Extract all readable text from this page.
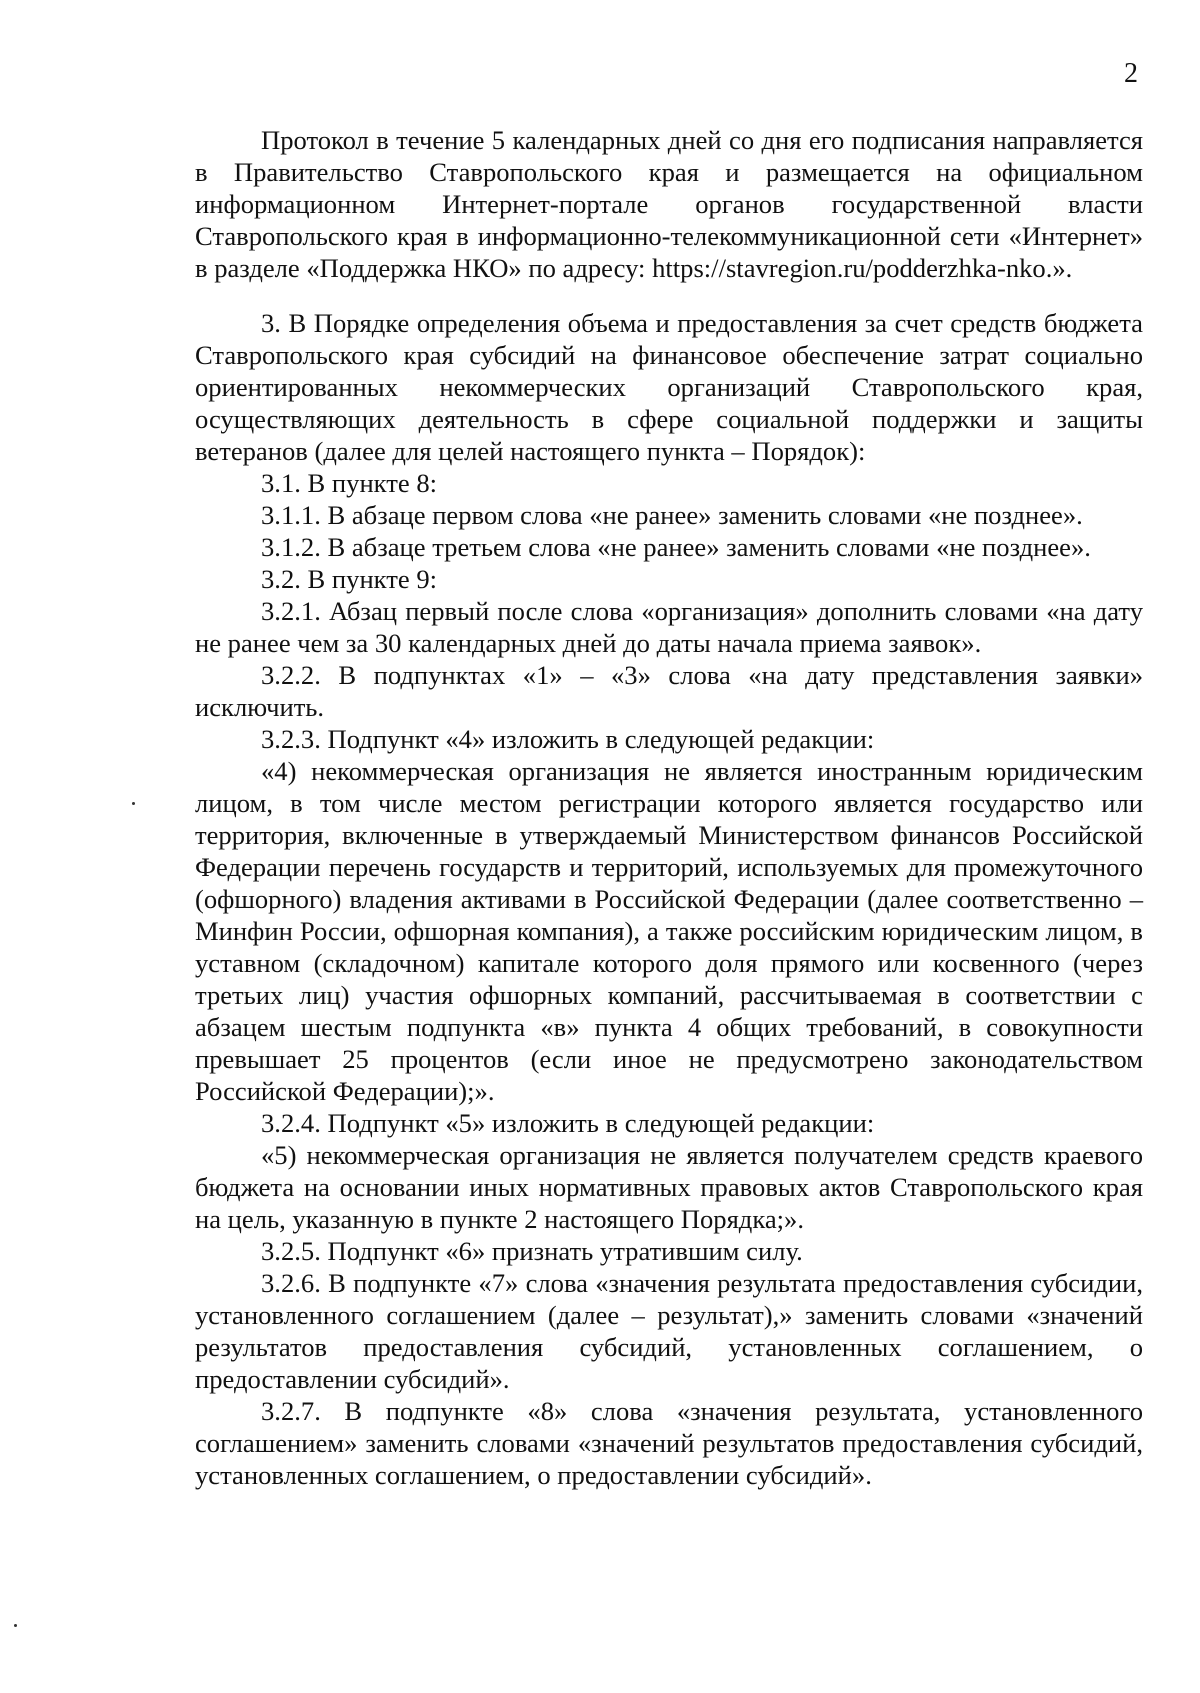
2

Протокол в течение 5 календарных дней со дня его подписания направляется в Правительство Ставропольского края и размещается на официальном информационном Интернет-портале органов государственной власти Ставропольского края в информационно-телекоммуникационной сети «Интернет» в разделе «Поддержка НКО» по адресу: https://stavregion.ru/podderzhka-nko.».

3. В Порядке определения объема и предоставления за счет средств бюджета Ставропольского края субсидий на финансовое обеспечение затрат социально ориентированных некоммерческих организаций Ставропольского края, осуществляющих деятельность в сфере социальной поддержки и защиты ветеранов (далее для целей настоящего пункта – Порядок):

3.1. В пункте 8:

3.1.1. В абзаце первом слова «не ранее» заменить словами «не позднее».

3.1.2. В абзаце третьем слова «не ранее» заменить словами «не позднее».

3.2. В пункте 9:

3.2.1. Абзац первый после слова «организация» дополнить словами «на дату не ранее чем за 30 календарных дней до даты начала приема заявок».

3.2.2. В подпунктах «1» – «3» слова «на дату представления заявки» исключить.

3.2.3. Подпункт «4» изложить в следующей редакции:

«4) некоммерческая организация не является иностранным юридическим лицом, в том числе местом регистрации которого является государство или территория, включенные в утверждаемый Министерством финансов Российской Федерации перечень государств и территорий, используемых для промежуточного (офшорного) владения активами в Российской Федерации (далее соответственно – Минфин России, офшорная компания), а также российским юридическим лицом, в уставном (складочном) капитале которого доля прямого или косвенного (через третьих лиц) участия офшорных компаний, рассчитываемая в соответствии с абзацем шестым подпункта «в» пункта 4 общих требований, в совокупности превышает 25 процентов (если иное не предусмотрено законодательством Российской Федерации);».

3.2.4. Подпункт «5» изложить в следующей редакции:

«5) некоммерческая организация не является получателем средств краевого бюджета на основании иных нормативных правовых актов Ставропольского края на цель, указанную в пункте 2 настоящего Порядка;».

3.2.5. Подпункт «6» признать утратившим силу.

3.2.6. В подпункте «7» слова «значения результата предоставления субсидии, установленного соглашением (далее – результат),» заменить словами «значений результатов предоставления субсидий, установленных соглашением, о предоставлении субсидий».

3.2.7. В подпункте «8» слова «значения результата, установленного соглашением» заменить словами «значений результатов предоставления субсидий, установленных соглашением, о предоставлении субсидий».
